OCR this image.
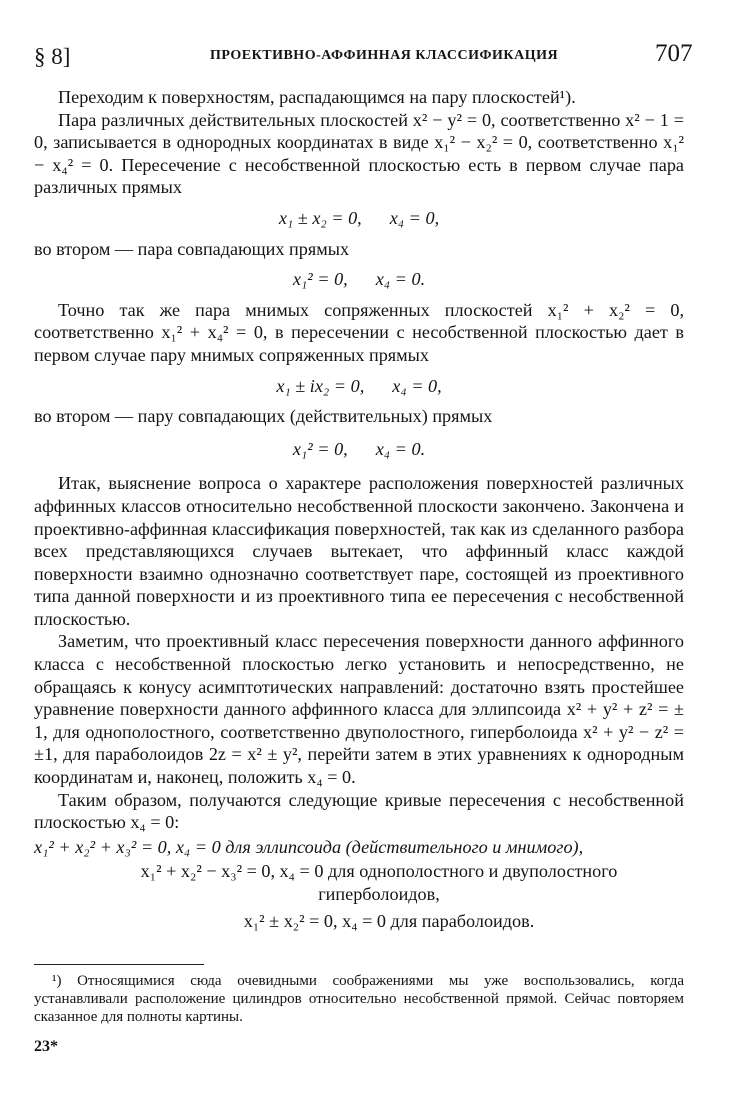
§ 8]	ПРОЕКТИВНО-АФФИННАЯ КЛАССИФИКАЦИЯ	707

Переходим к поверхностям, распадающимся на пару плоскостей¹).

Пара различных действительных плоскостей x² − y² = 0, соответственно x² − 1 = 0, записывается в однородных координатах в виде x₁² − x₂² = 0, соответственно x₁² − x₄² = 0. Пересечение с несобственной плоскостью есть в первом случае пара различных прямых

x₁ ± x₂ = 0, x₄ = 0,

во втором — пара совпадающих прямых

x₁² = 0, x₄ = 0.

Точно так же пара мнимых сопряженных плоскостей x₁² + x₂² = 0, соответственно x₁² + x₄² = 0, в пересечении с несобственной плоскостью дает в первом случае пару мнимых сопряженных прямых

x₁ ± ix₂ = 0, x₄ = 0,

во втором — пару совпадающих (действительных) прямых

x₁² = 0, x₄ = 0.

Итак, выяснение вопроса о характере расположения поверхностей различных аффинных классов относительно несобственной плоскости закончено. Закончена и проективно-аффинная классификация поверхностей, так как из сделанного разбора всех представляющихся случаев вытекает, что аффинный класс каждой поверхности взаимно однозначно соответствует паре, состоящей из проективного типа данной поверхности и из проективного типа ее пересечения с несобственной плоскостью.

Заметим, что проективный класс пересечения поверхности данного аффинного класса с несобственной плоскостью легко установить и непосредственно, не обращаясь к конусу асимптотических направлений: достаточно взять простейшее уравнение поверхности данного аффинного класса для эллипсоида x² + y² + z² = ± 1, для однополостного, соответственно двуполостного, гиперболоида x² + y² − z² = ±1, для параболоидов 2z = x² ± y², перейти затем в этих уравнениях к однородным координатам и, наконец, положить x₄ = 0.

Таким образом, получаются следующие кривые пересечения с несобственной плоскостью x₄ = 0:

x₁² + x₂² + x₃² = 0, x₄ = 0 для эллипсоида (действительного и мнимого),
x₁² + x₂² − x₃² = 0, x₄ = 0 для однополостного и двуполостного
гиперболоидов,
x₁² ± x₂² = 0, x₄ = 0 для параболоидов.
¹) Относящимися сюда очевидными соображениями мы уже воспользовались, когда устанавливали расположение цилиндров относительно несобственной прямой. Сейчас повторяем сказанное для полноты картины.
23*
